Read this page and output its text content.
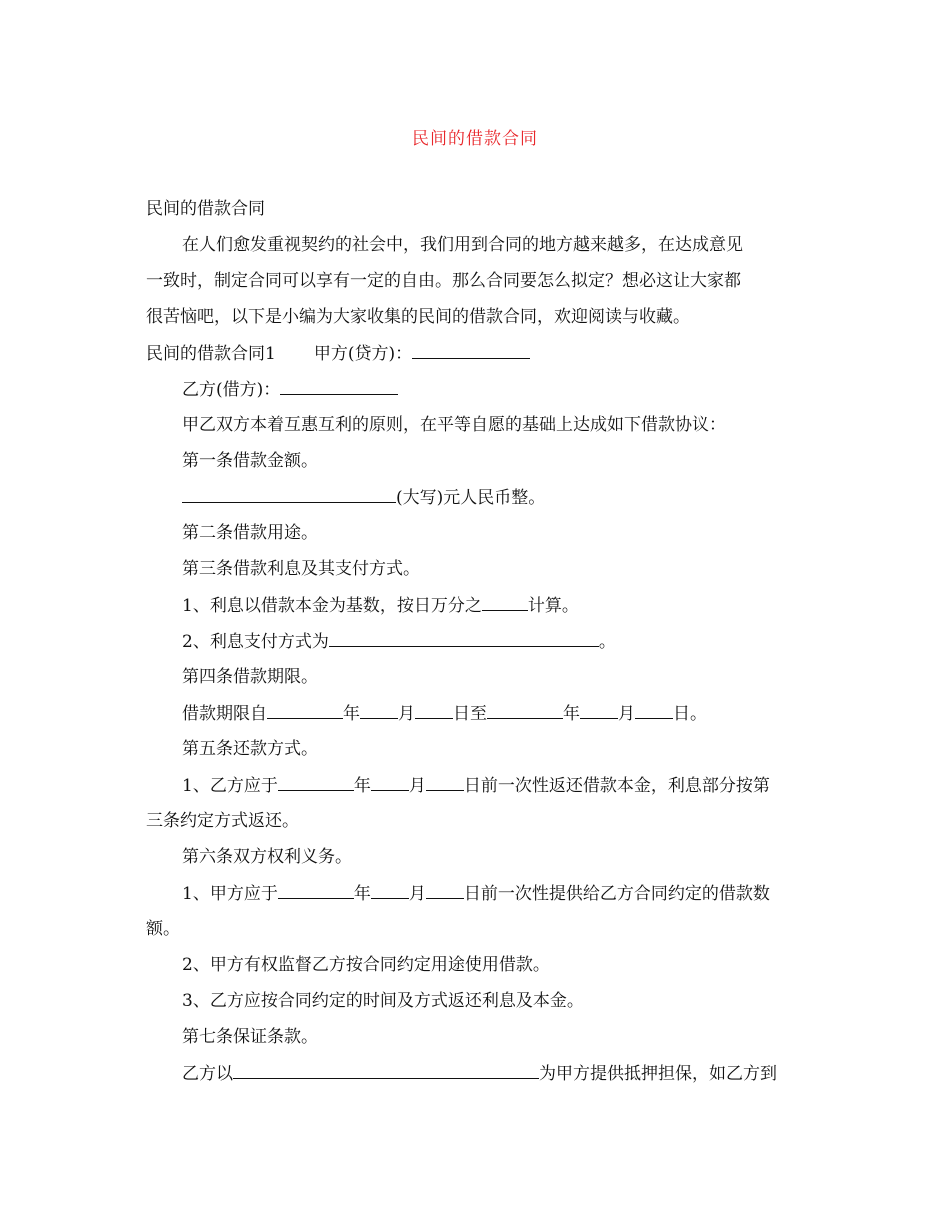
民间的借款合同
民间的借款合同
在人们愈发重视契约的社会中，我们用到合同的地方越来越多，在达成意见
一致时，制定合同可以享有一定的自由。那么合同要怎么拟定？想必这让大家都
很苦恼吧，以下是小编为大家收集的民间的借款合同，欢迎阅读与收藏。
民间的借款合同1 甲方(贷方)：
乙方(借方)：
甲乙双方本着互惠互利的原则，在平等自愿的基础上达成如下借款协议：
第一条借款金额。
(大写)元人民币整。
第二条借款用途。
第三条借款利息及其支付方式。
1、利息以借款本金为基数，按日万分之	计算。
2、利息支付方式为	。
第四条借款期限。
借款期限自	年 月 日至	年 月 日。
第五条还款方式。
1、乙方应于	年 月 日前一次性返还借款本金，利息部分按第
三条约定方式返还。
第六条双方权利义务。
1、甲方应于	年 月 日前一次性提供给乙方合同约定的借款数
额。
2、甲方有权监督乙方按合同约定用途使用借款。
3、乙方应按合同约定的时间及方式返还利息及本金。
第七条保证条款。
乙方以	为甲方提供抵押担保，如乙方到
